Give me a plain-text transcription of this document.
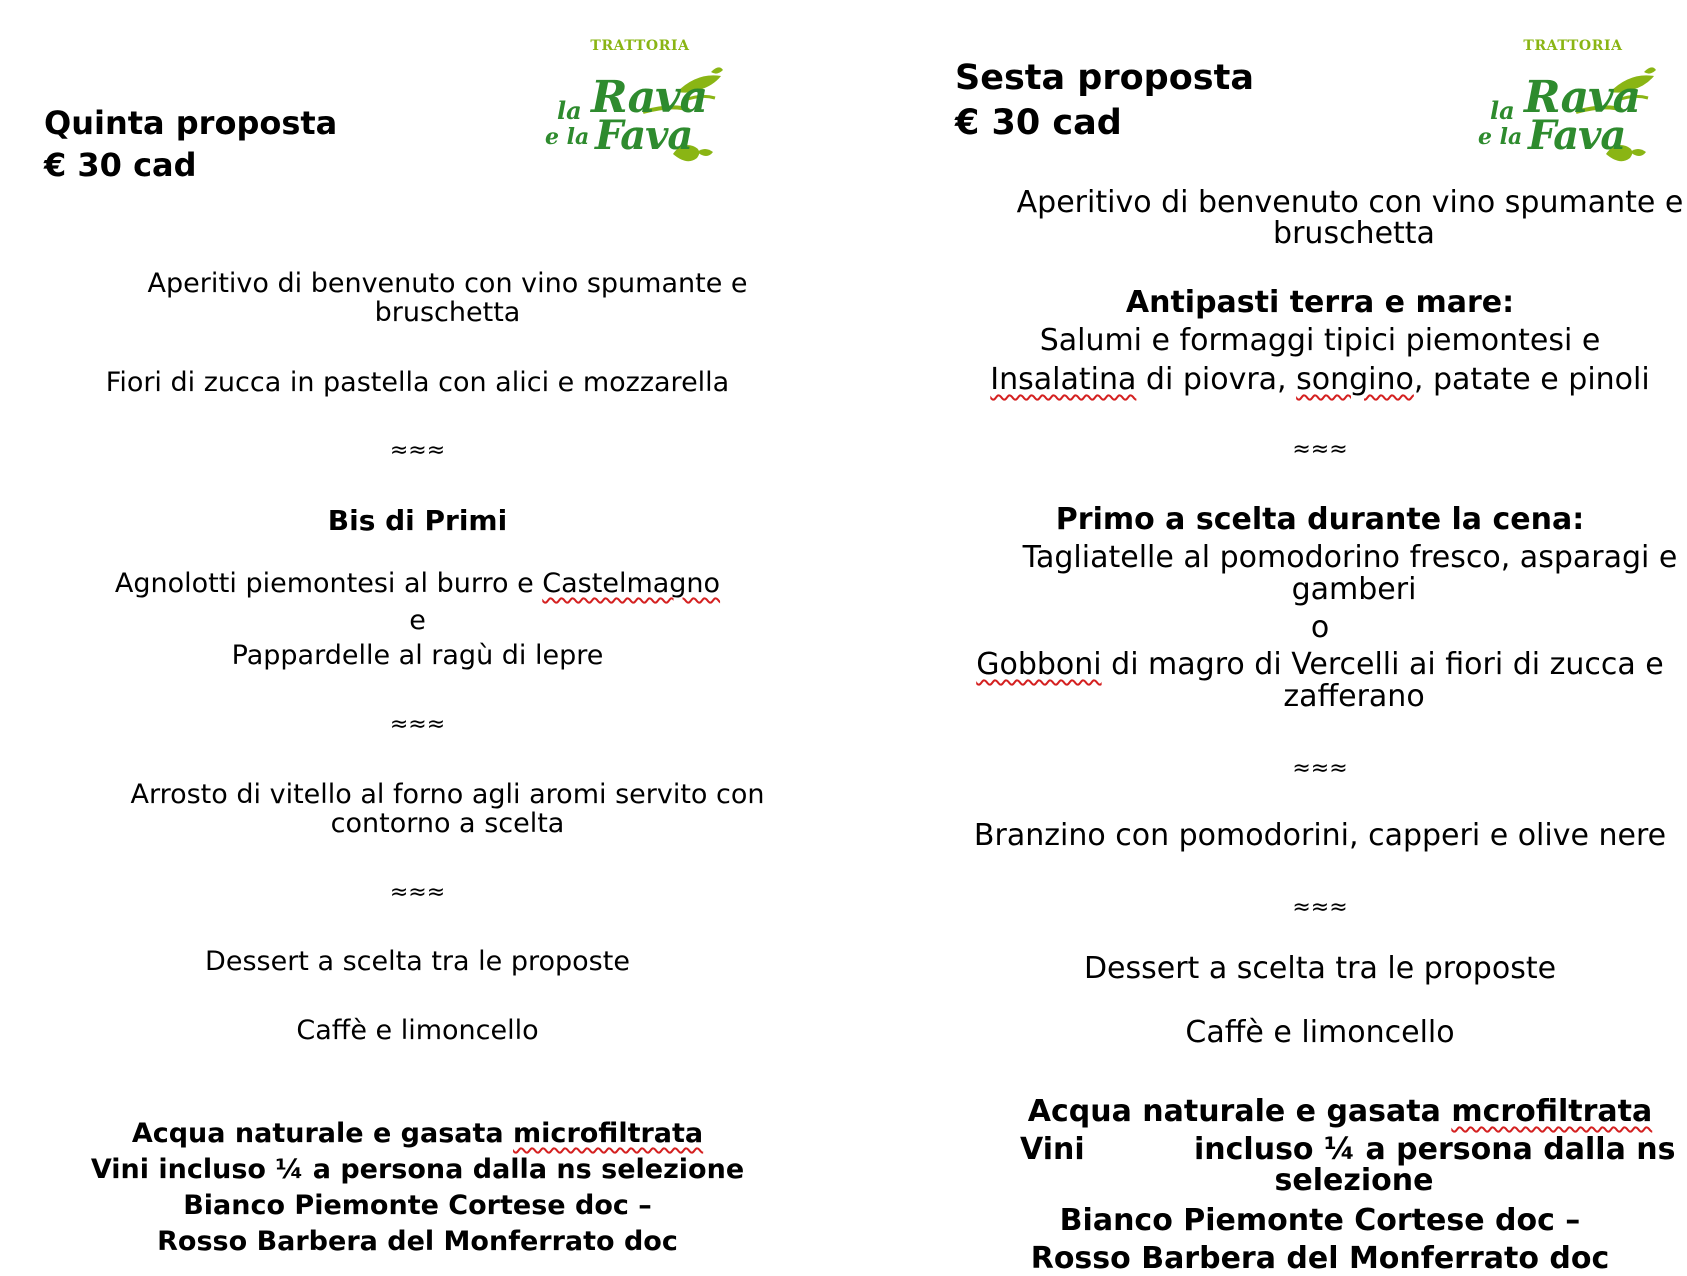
Quinta proposta
€ 30 cad
TRATTORIA
la Rava
e la Fava
Aperitivo di benvenuto con vino spumante e
bruschetta
Fiori di zucca in pastella con alici e mozzarella
≈≈≈
Bis di Primi
Agnolotti piemontesi al burro e Castelmagno
e
Pappardelle al ragù di lepre
≈≈≈
Arrosto di vitello al forno agli aromi servito con
contorno a scelta
≈≈≈
Dessert a scelta tra le proposte
Caffè e limoncello
Acqua naturale e gasata microfiltrata
Vini incluso ¼ a persona dalla ns selezione
Bianco Piemonte Cortese doc –
Rosso Barbera del Monferrato doc
Sesta proposta
€ 30 cad
TRATTORIA
la Rava
e la Fava
Aperitivo di benvenuto con vino spumante e
bruschetta
Antipasti terra e mare:
Salumi e formaggi tipici piemontesi e
Insalatina di piovra, songino, patate e pinoli
≈≈≈
Primo a scelta durante la cena:
Tagliatelle al pomodorino fresco, asparagi e
gamberi
o
Gobboni di magro di Vercelli ai fiori di zucca e
zafferano
≈≈≈
Branzino con pomodorini, capperi e olive nere
≈≈≈
Dessert a scelta tra le proposte
Caffè e limoncello
Acqua naturale e gasata mcrofiltrata
Vini	incluso ¼ a persona dalla ns
selezione
Bianco Piemonte Cortese doc –
Rosso Barbera del Monferrato doc
